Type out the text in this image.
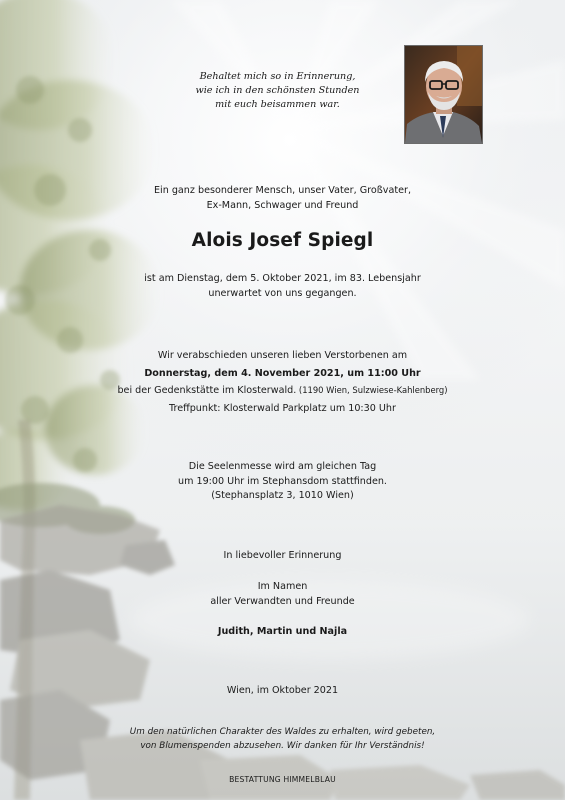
Behaltet mich so in Erinnerung,
wie ich in den schönsten Stunden
mit euch beisammen war.
Ein ganz besonderer Mensch, unser Vater, Großvater,
Ex-Mann, Schwager und Freund
Alois Josef Spiegl
ist am Dienstag, dem 5. Oktober 2021, im 83. Lebensjahr
unerwartet von uns gegangen.
Wir verabschieden unseren lieben Verstorbenen am
Donnerstag, dem 4. November 2021, um 11:00 Uhr
bei der Gedenkstätte im Klosterwald. (1190 Wien, Sulzwiese-Kahlenberg)
Treffpunkt: Klosterwald Parkplatz um 10:30 Uhr
Die Seelenmesse wird am gleichen Tag
um 19:00 Uhr im Stephansdom stattfinden.
(Stephansplatz 3, 1010 Wien)
In liebevoller Erinnerung
Im Namen
aller Verwandten und Freunde
Judith, Martin und Najla
Wien, im Oktober 2021
Um den natürlichen Charakter des Waldes zu erhalten, wird gebeten,
von Blumenspenden abzusehen. Wir danken für Ihr Verständnis!
BESTATTUNG HIMMELBLAU
